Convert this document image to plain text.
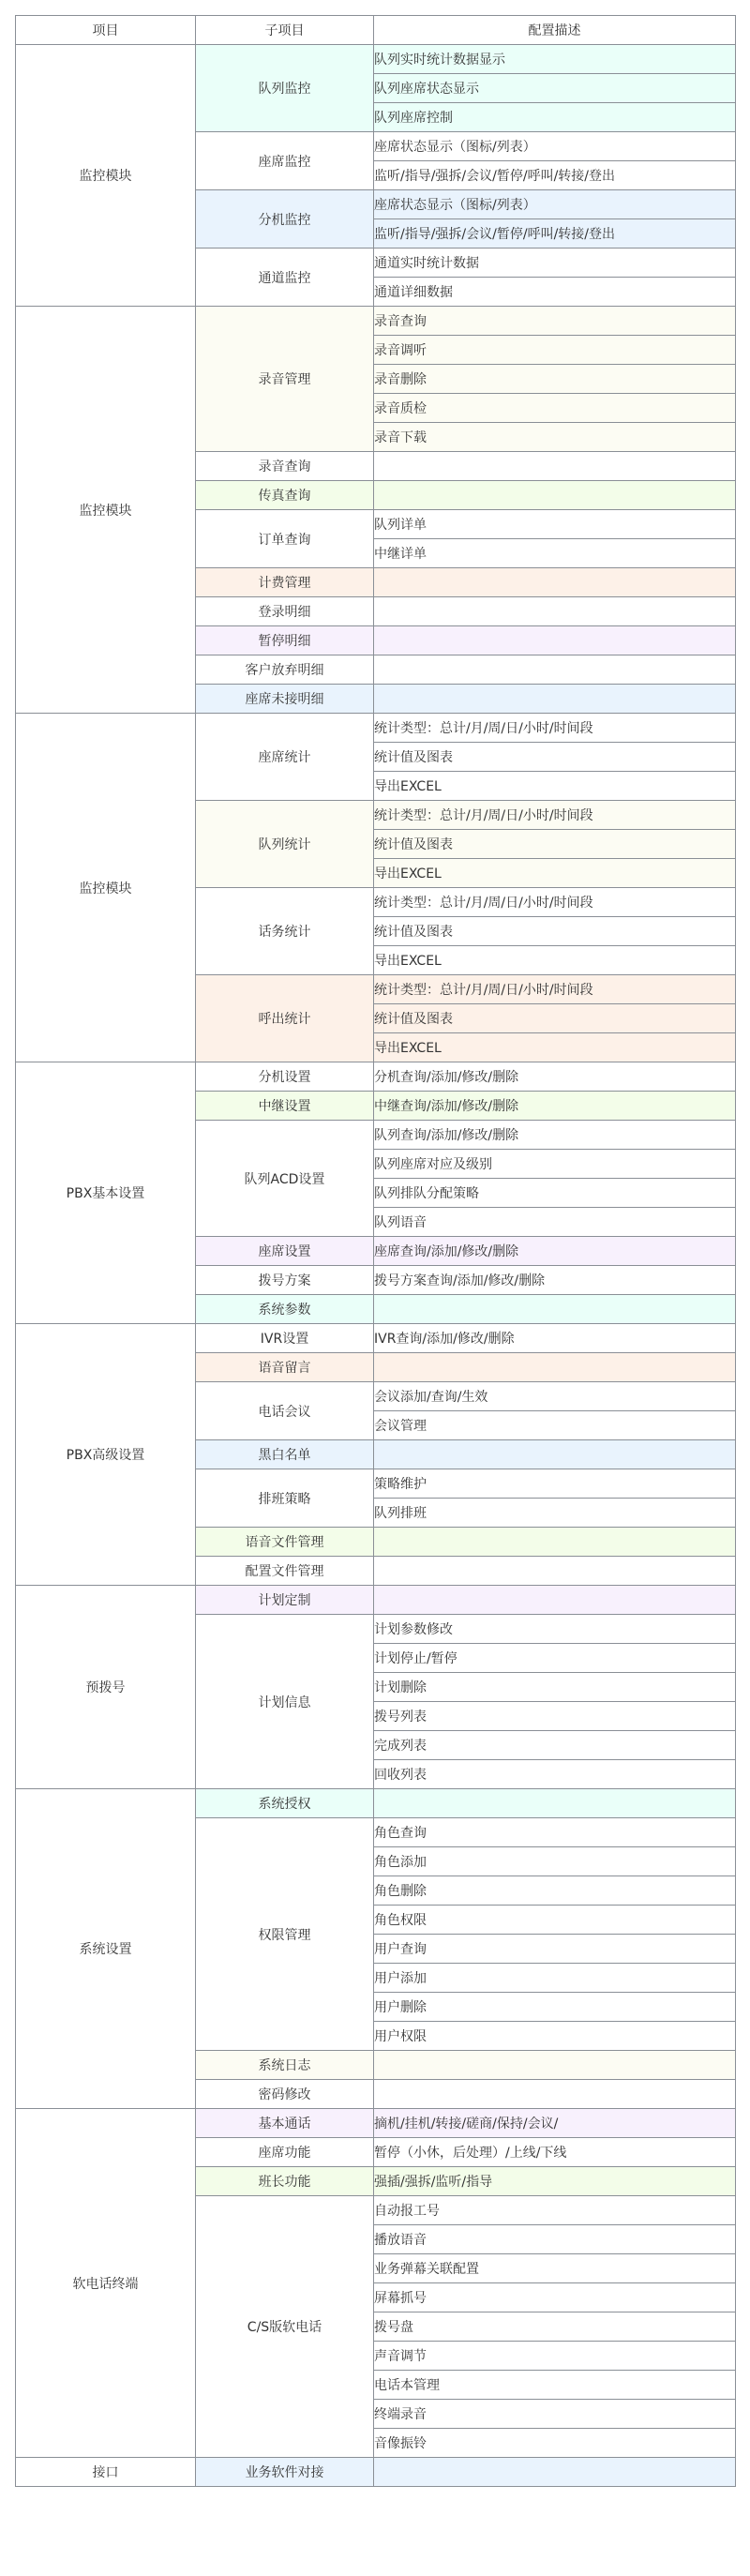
项目	子项目	配置描述
监控模块	队列监控	队列实时统计数据显示
		队列座席状态显示
		队列座席控制
	座席监控	座席状态显示（图标/列表）
		监听/指导/强拆/会议/暂停/呼叫/转接/登出
	分机监控	座席状态显示（图标/列表）
		监听/指导/强拆/会议/暂停/呼叫/转接/登出
	通道监控	通道实时统计数据
		通道详细数据
监控模块	录音管理	录音查询
		录音调听
		录音删除
		录音质检
		录音下载
	录音查询	
	传真查询	
	订单查询	队列详单
		中继详单
	计费管理	
	登录明细	
	暂停明细	
	客户放弃明细	
	座席未接明细	
监控模块	座席统计	统计类型：总计/月/周/日/小时/时间段
		统计值及图表
		导出EXCEL
	队列统计	统计类型：总计/月/周/日/小时/时间段
		统计值及图表
		导出EXCEL
	话务统计	统计类型：总计/月/周/日/小时/时间段
		统计值及图表
		导出EXCEL
	呼出统计	统计类型：总计/月/周/日/小时/时间段
		统计值及图表
		导出EXCEL
PBX基本设置	分机设置	分机查询/添加/修改/删除
	中继设置	中继查询/添加/修改/删除
	队列ACD设置	队列查询/添加/修改/删除
		队列座席对应及级别
		队列排队分配策略
		队列语音
	座席设置	座席查询/添加/修改/删除
	拨号方案	拨号方案查询/添加/修改/删除
	系统参数	
PBX高级设置	IVR设置	IVR查询/添加/修改/删除
	语音留言	
	电话会议	会议添加/查询/生效
		会议管理
	黑白名单	
	排班策略	策略维护
		队列排班
	语音文件管理	
	配置文件管理	
预拨号	计划定制	
	计划信息	计划参数修改
		计划停止/暂停
		计划删除
		拨号列表
		完成列表
		回收列表
系统设置	系统授权	
	权限管理	角色查询
		角色添加
		角色删除
		角色权限
		用户查询
		用户添加
		用户删除
		用户权限
	系统日志	
	密码修改	
软电话终端	基本通话	摘机/挂机/转接/磋商/保持/会议/
	座席功能	暂停（小休，后处理）/上线/下线
	班长功能	强插/强拆/监听/指导
	C/S版软电话	自动报工号
		播放语音
		业务弹幕关联配置
		屏幕抓号
		拨号盘
		声音调节
		电话本管理
		终端录音
		音像振铃
接口	业务软件对接	
